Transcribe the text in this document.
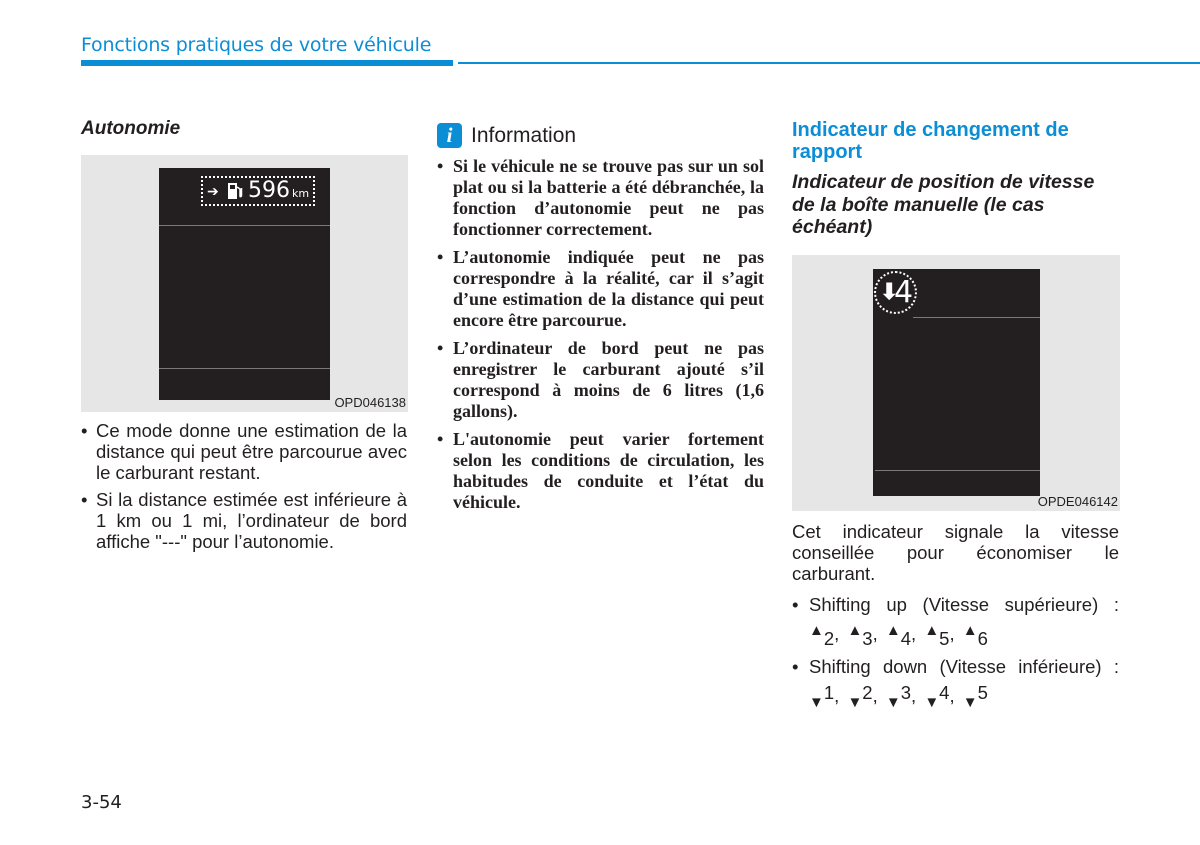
Fonctions pratiques de votre véhicule
Autonomie
➔ 596 km
OPD046138
• Ce mode donne une estimation de la distance qui peut être parcourue avec le carburant restant.
• Si la distance estimée est inférieure à 1 km ou 1 mi, l’ordinateur de bord affiche "---" pour l’autonomie.
i Information
• Si le véhicule ne se trouve pas sur un sol plat ou si la batterie a été débranchée, la fonction d’autonomie peut ne pas fonctionner correctement.
• L’autonomie indiquée peut ne pas correspondre à la réalité, car il s’agit d’une estimation de la distance qui peut encore être parcourue.
• L’ordinateur de bord peut ne pas enregistrer le carburant ajouté s’il correspond à moins de 6 litres (1,6 gallons).
• L'autonomie peut varier fortement selon les conditions de circulation, les habitudes de conduite et l’état du véhicule.
Indicateur de changement de rapport
Indicateur de position de vitesse de la boîte manuelle (le cas échéant)
⬇
4
OPDE046142
Cet indicateur signale la vitesse conseillée pour économiser le carburant.
• Shifting up (Vitesse supérieure) :
▲2, ▲3, ▲4, ▲5, ▲6
• Shifting down (Vitesse inférieure) :
$_▼$1, $_▼$2, $_▼$3, $_▼$4, $_▼$5
3-54
